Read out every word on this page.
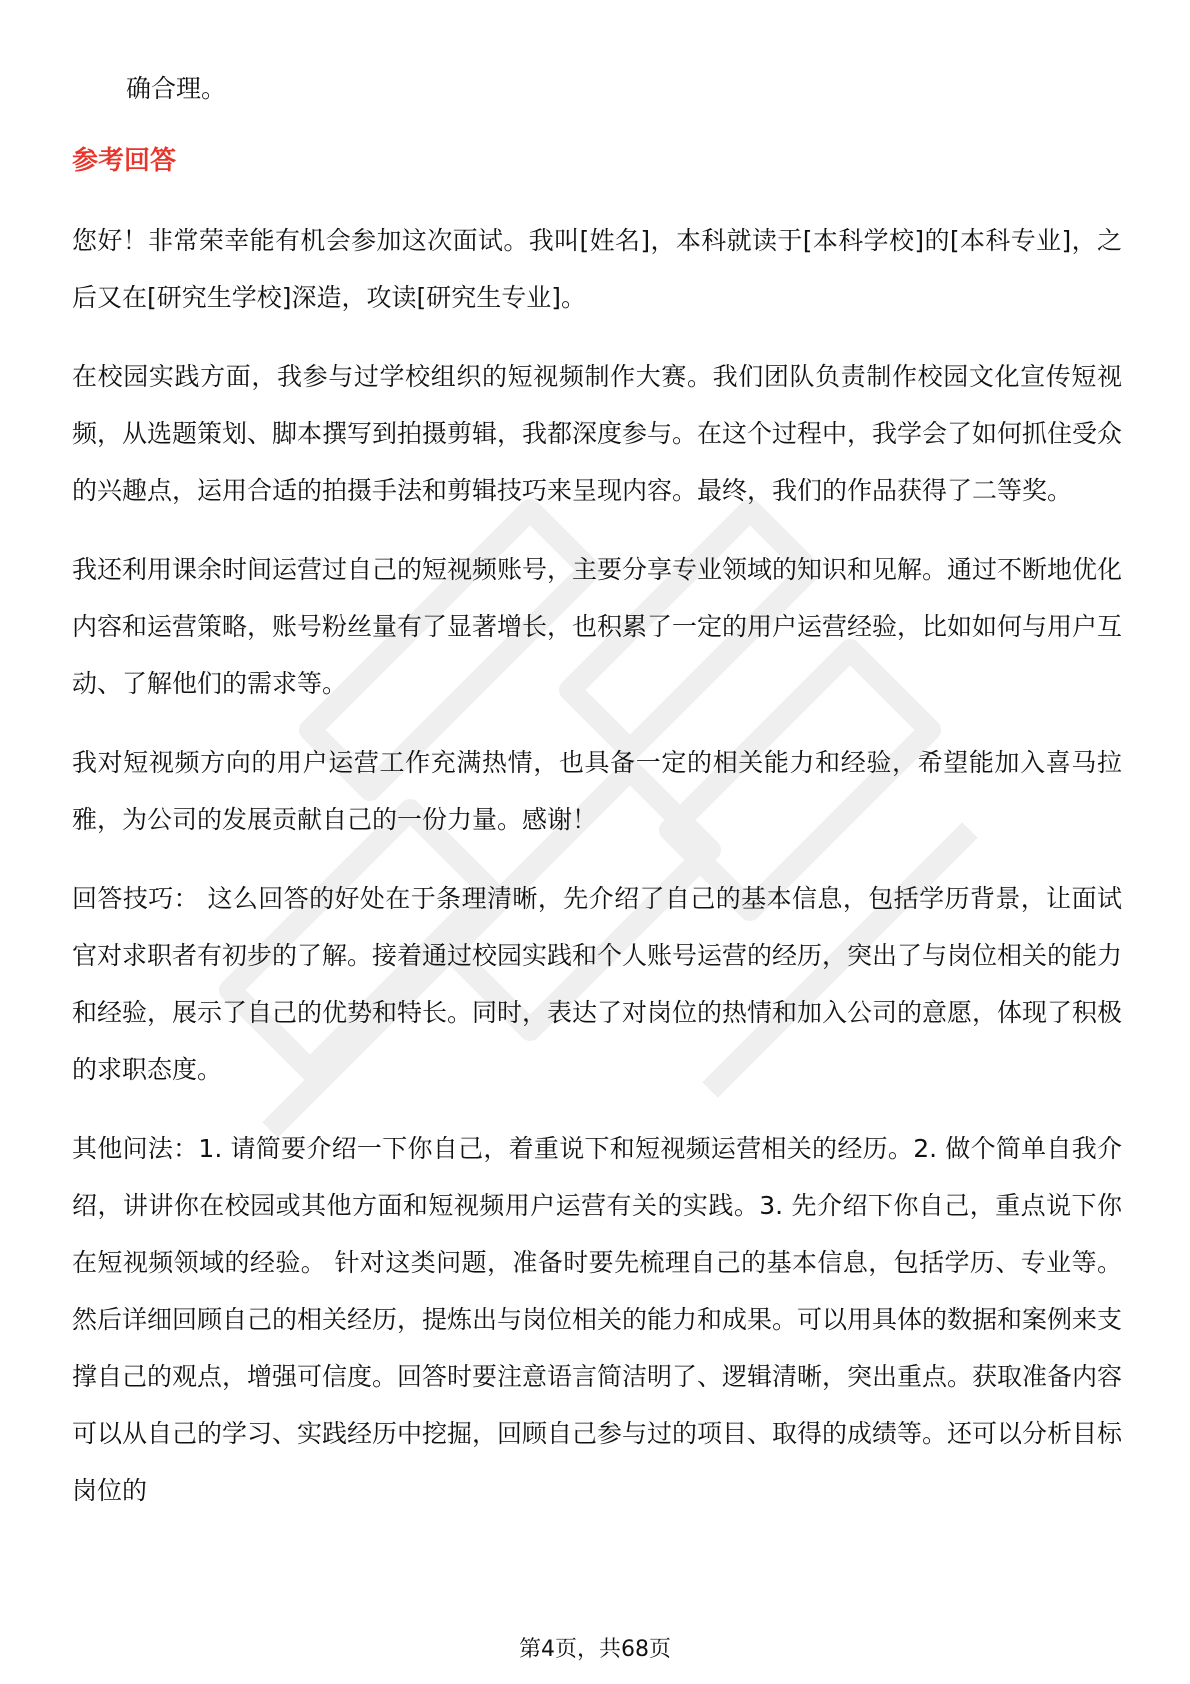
确合理。

参考回答

您好！非常荣幸能有机会参加这次面试。我叫[姓名]，本科就读于[本科学校]的[本科专业]，之后又在[研究生学校]深造，攻读[研究生专业]。

在校园实践方面，我参与过学校组织的短视频制作大赛。我们团队负责制作校园文化宣传短视频，从选题策划、脚本撰写到拍摄剪辑，我都深度参与。在这个过程中，我学会了如何抓住受众的兴趣点，运用合适的拍摄手法和剪辑技巧来呈现内容。最终，我们的作品获得了二等奖。

我还利用课余时间运营过自己的短视频账号，主要分享专业领域的知识和见解。通过不断地优化内容和运营策略，账号粉丝量有了显著增长，也积累了一定的用户运营经验，比如如何与用户互动、了解他们的需求等。

我对短视频方向的用户运营工作充满热情，也具备一定的相关能力和经验，希望能加入喜马拉雅，为公司的发展贡献自己的一份力量。感谢！

回答技巧： 这么回答的好处在于条理清晰，先介绍了自己的基本信息，包括学历背景，让面试官对求职者有初步的了解。接着通过校园实践和个人账号运营的经历，突出了与岗位相关的能力和经验，展示了自己的优势和特长。同时，表达了对岗位的热情和加入公司的意愿，体现了积极的求职态度。

其他问法：1. 请简要介绍一下你自己，着重说下和短视频运营相关的经历。2. 做个简单自我介绍，讲讲你在校园或其他方面和短视频用户运营有关的实践。3. 先介绍下你自己，重点说下你在短视频领域的经验。 针对这类问题，准备时要先梳理自己的基本信息，包括学历、专业等。然后详细回顾自己的相关经历，提炼出与岗位相关的能力和成果。可以用具体的数据和案例来支撑自己的观点，增强可信度。回答时要注意语言简洁明了、逻辑清晰，突出重点。获取准备内容可以从自己的学习、实践经历中挖掘，回顾自己参与过的项目、取得的成绩等。还可以分析目标岗位的

第4页，共68页
